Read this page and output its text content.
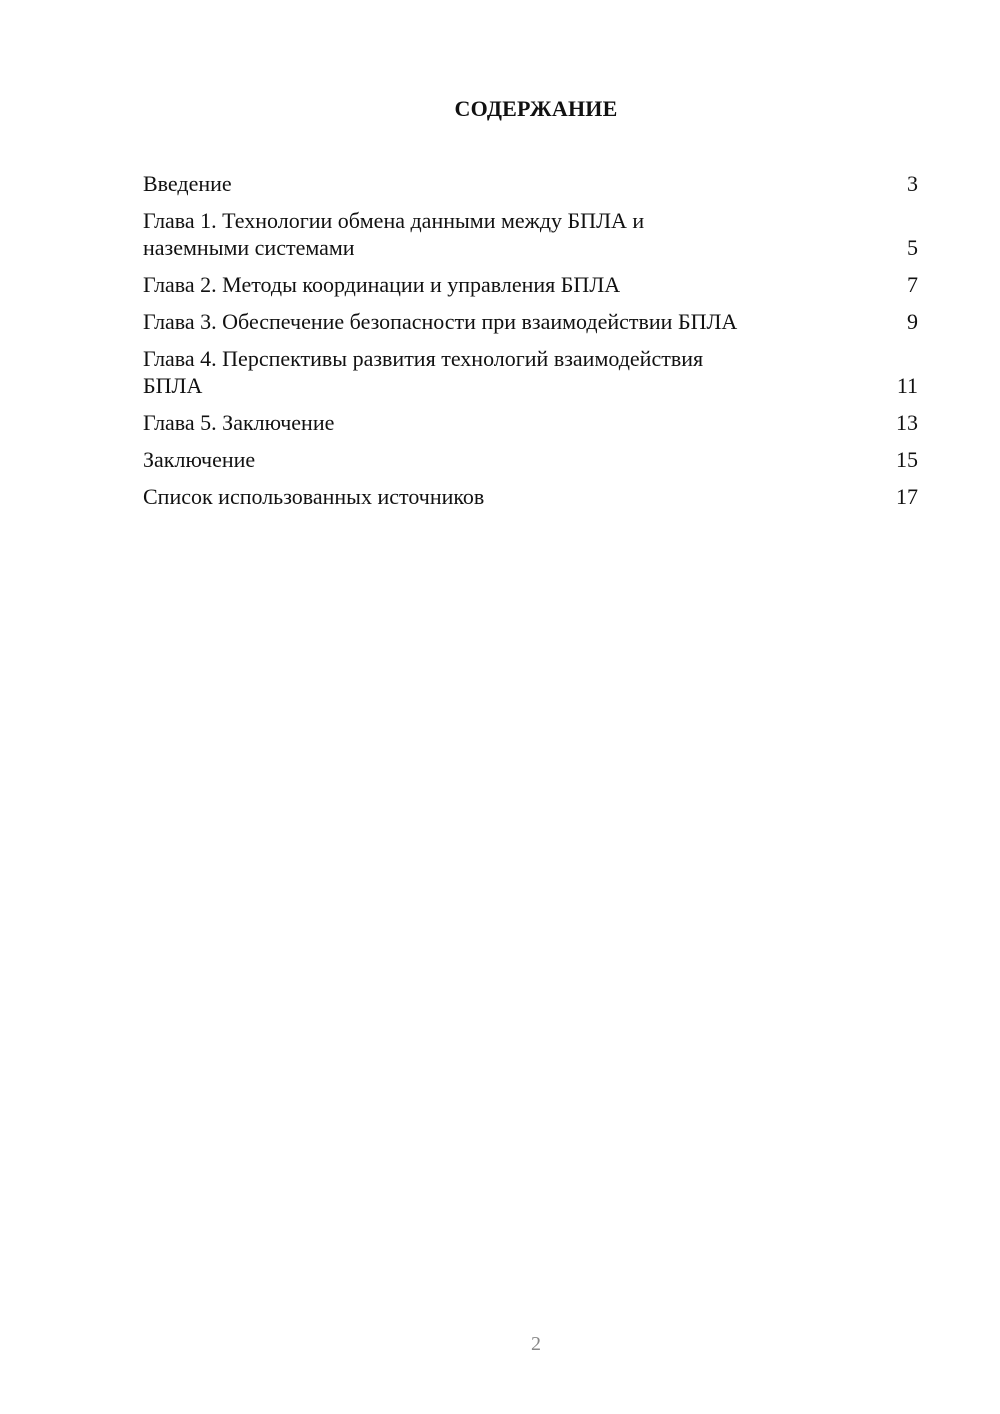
СОДЕРЖАНИЕ
Введение	3
Глава 1. Технологии обмена данными между БПЛА и
наземными системами	5
Глава 2. Методы координации и управления БПЛА	7
Глава 3. Обеспечение безопасности при взаимодействии БПЛА	9
Глава 4. Перспективы развития технологий взаимодействия
БПЛА	11
Глава 5. Заключение	13
Заключение	15
Список использованных источников	17
2
